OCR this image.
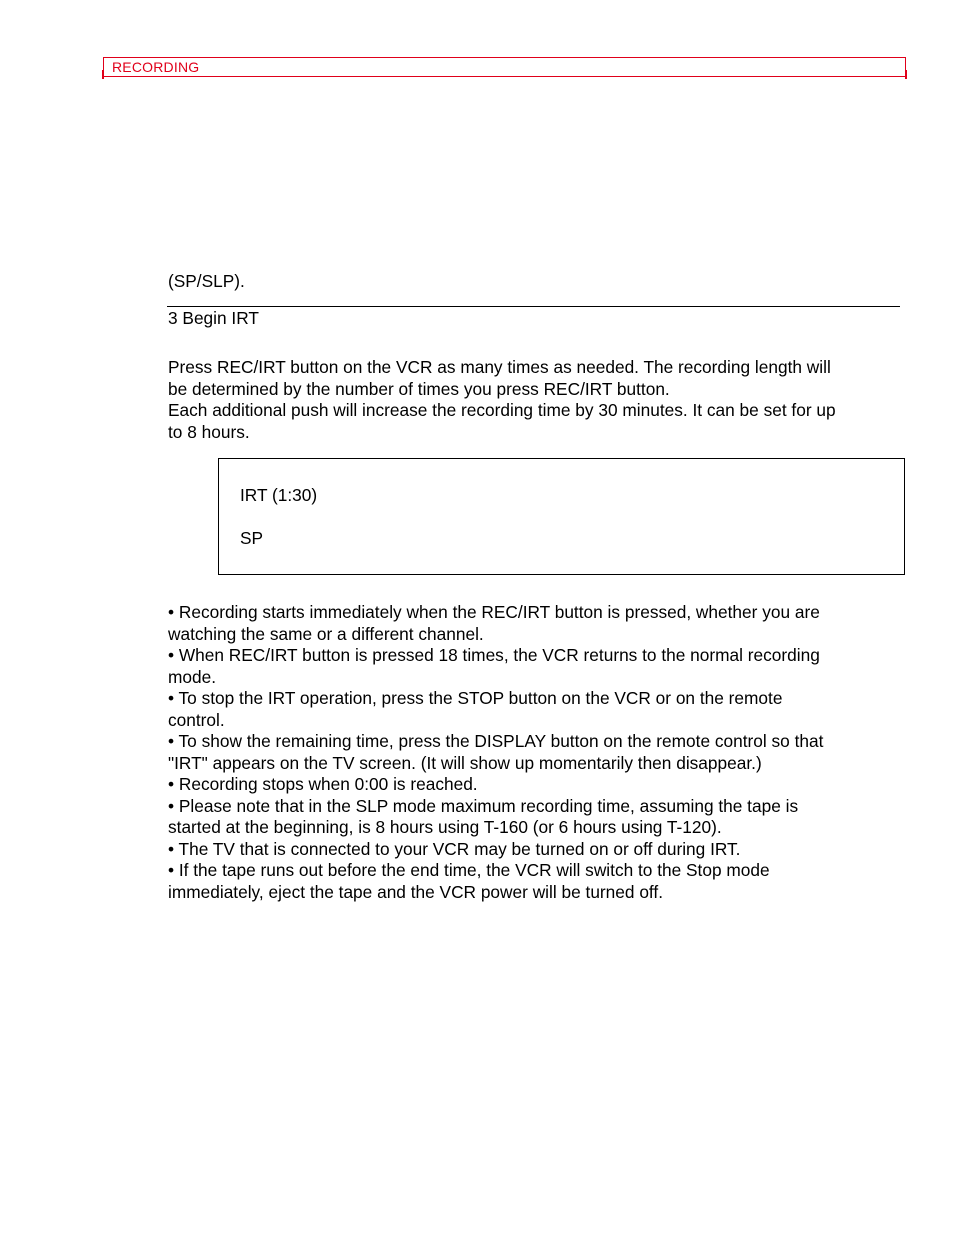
RECORDING
(SP/SLP).
3 Begin IRT
Press REC/IRT button on the VCR as many times as needed. The recording length will
be determined by the number of times you press REC/IRT button.
Each additional push will increase the recording time by 30 minutes. It can be set for up
to 8 hours.
IRT (1:30)
SP
• Recording starts immediately when the REC/IRT button is pressed, whether you are
watching the same or a different channel.
• When REC/IRT button is pressed 18 times, the VCR returns to the normal recording
mode.
• To stop the IRT operation, press the STOP button on the VCR or on the remote
control.
• To show the remaining time, press the DISPLAY button on the remote control so that
"IRT" appears on the TV screen. (It will show up momentarily then disappear.)
• Recording stops when 0:00 is reached.
• Please note that in the SLP mode maximum recording time, assuming the tape is
started at the beginning, is 8 hours using T-160 (or 6 hours using T-120).
• The TV that is connected to your VCR may be turned on or off during IRT.
• If the tape runs out before the end time, the VCR will switch to the Stop mode
immediately, eject the tape and the VCR power will be turned off.
